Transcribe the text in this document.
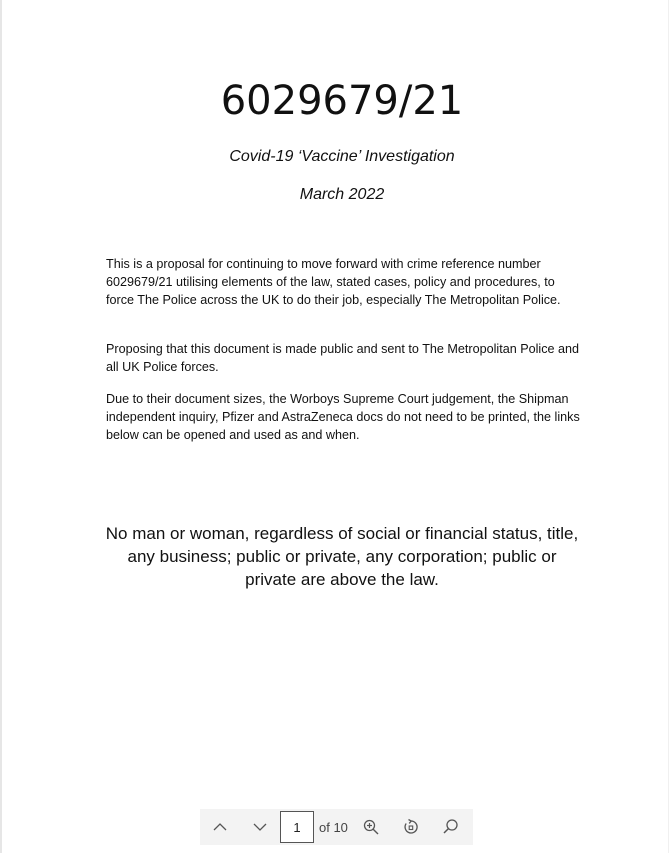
6029679/21
Covid-19 ‘Vaccine’ Investigation
March 2022

This is a proposal for continuing to move forward with crime reference number 6029679/21 utilising elements of the law, stated cases, policy and procedures, to force The Police across the UK to do their job, especially The Metropolitan Police.

Proposing that this document is made public and sent to The Metropolitan Police and all UK Police forces.

Due to their document sizes, the Worboys Supreme Court judgement, the Shipman independent inquiry, Pfizer and AstraZeneca docs do not need to be printed, the links below can be opened and used as and when.

No man or woman, regardless of social or financial status, title, any business; public or private, any corporation; public or private are above the law.

1
of 10
